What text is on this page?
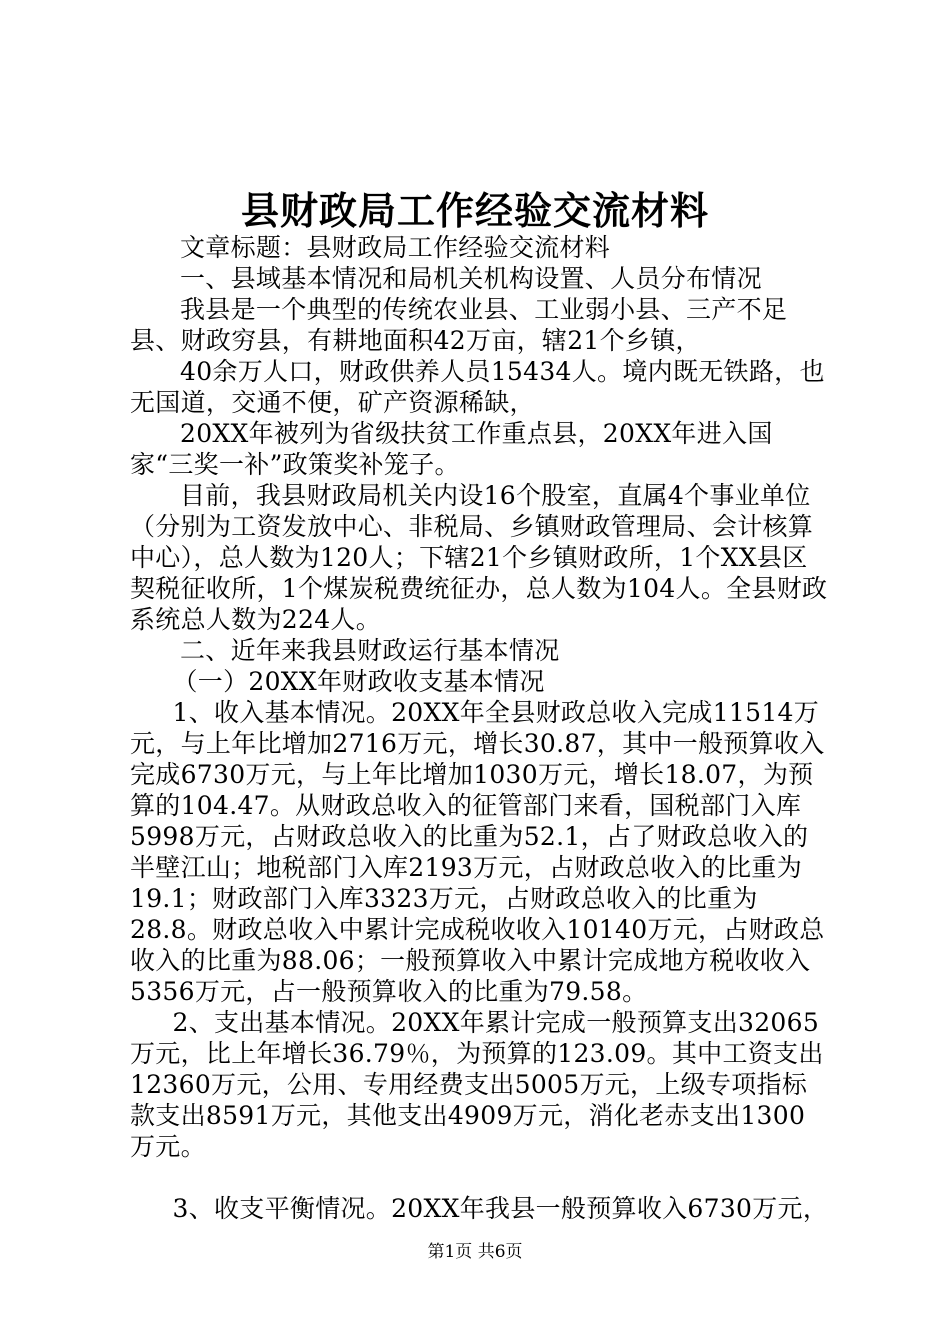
县财政局工作经验交流材料

文章标题：县财政局工作经验交流材料

一、县域基本情况和局机关机构设置、人员分布情况

我县是一个典型的传统农业县、工业弱小县、三产不足县、财政穷县，有耕地面积42万亩，辖21个乡镇，

40余万人口，财政供养人员15434人。境内既无铁路，也无国道，交通不便，矿产资源稀缺，

20XX年被列为省级扶贫工作重点县，20XX年进入国家“三奖一补”政策奖补笼子。

目前，我县财政局机关内设16个股室，直属4个事业单位（分别为工资发放中心、非税局、乡镇财政管理局、会计核算中心），总人数为120人；下辖21个乡镇财政所，1个XX县区契税征收所，1个煤炭税费统征办，总人数为104人。全县财政系统总人数为224人。

二、近年来我县财政运行基本情况

（一）20XX年财政收支基本情况

1、收入基本情况。20XX年全县财政总收入完成11514万元，与上年比增加2716万元，增长30.87，其中一般预算收入完成6730万元，与上年比增加1030万元，增长18.07，为预算的104.47。从财政总收入的征管部门来看，国税部门入库5998万元，占财政总收入的比重为52.1，占了财政总收入的半壁江山；地税部门入库2193万元，占财政总收入的比重为19.1；财政部门入库3323万元，占财政总收入的比重为28.8。财政总收入中累计完成税收收入10140万元，占财政总收入的比重为88.06；一般预算收入中累计完成地方税收收入5356万元，占一般预算收入的比重为79.58。

2、支出基本情况。20XX年累计完成一般预算支出32065万元，比上年增长36.79％，为预算的123.09。其中工资支出12360万元，公用、专用经费支出5005万元，上级专项指标款支出8591万元，其他支出4909万元，消化老赤支出1300万元。

3、收支平衡情况。20XX年我县一般预算收入6730万元，

第1页 共6页
